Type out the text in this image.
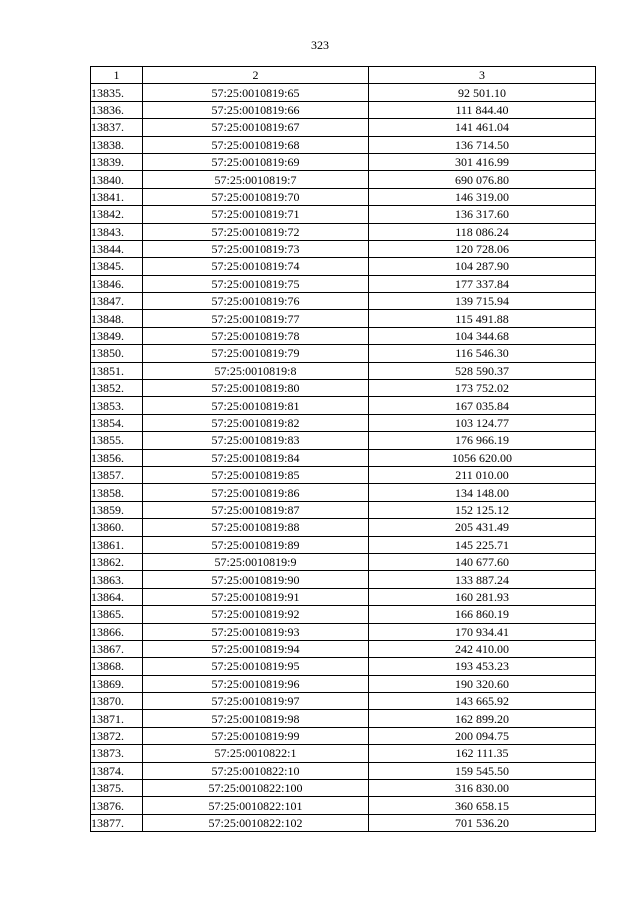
323
1	2	3
13835.	57:25:0010819:65	92 501.10
13836.	57:25:0010819:66	111 844.40
13837.	57:25:0010819:67	141 461.04
13838.	57:25:0010819:68	136 714.50
13839.	57:25:0010819:69	301 416.99
13840.	57:25:0010819:7	690 076.80
13841.	57:25:0010819:70	146 319.00
13842.	57:25:0010819:71	136 317.60
13843.	57:25:0010819:72	118 086.24
13844.	57:25:0010819:73	120 728.06
13845.	57:25:0010819:74	104 287.90
13846.	57:25:0010819:75	177 337.84
13847.	57:25:0010819:76	139 715.94
13848.	57:25:0010819:77	115 491.88
13849.	57:25:0010819:78	104 344.68
13850.	57:25:0010819:79	116 546.30
13851.	57:25:0010819:8	528 590.37
13852.	57:25:0010819:80	173 752.02
13853.	57:25:0010819:81	167 035.84
13854.	57:25:0010819:82	103 124.77
13855.	57:25:0010819:83	176 966.19
13856.	57:25:0010819:84	1056 620.00
13857.	57:25:0010819:85	211 010.00
13858.	57:25:0010819:86	134 148.00
13859.	57:25:0010819:87	152 125.12
13860.	57:25:0010819:88	205 431.49
13861.	57:25:0010819:89	145 225.71
13862.	57:25:0010819:9	140 677.60
13863.	57:25:0010819:90	133 887.24
13864.	57:25:0010819:91	160 281.93
13865.	57:25:0010819:92	166 860.19
13866.	57:25:0010819:93	170 934.41
13867.	57:25:0010819:94	242 410.00
13868.	57:25:0010819:95	193 453.23
13869.	57:25:0010819:96	190 320.60
13870.	57:25:0010819:97	143 665.92
13871.	57:25:0010819:98	162 899.20
13872.	57:25:0010819:99	200 094.75
13873.	57:25:0010822:1	162 111.35
13874.	57:25:0010822:10	159 545.50
13875.	57:25:0010822:100	316 830.00
13876.	57:25:0010822:101	360 658.15
13877.	57:25:0010822:102	701 536.20
